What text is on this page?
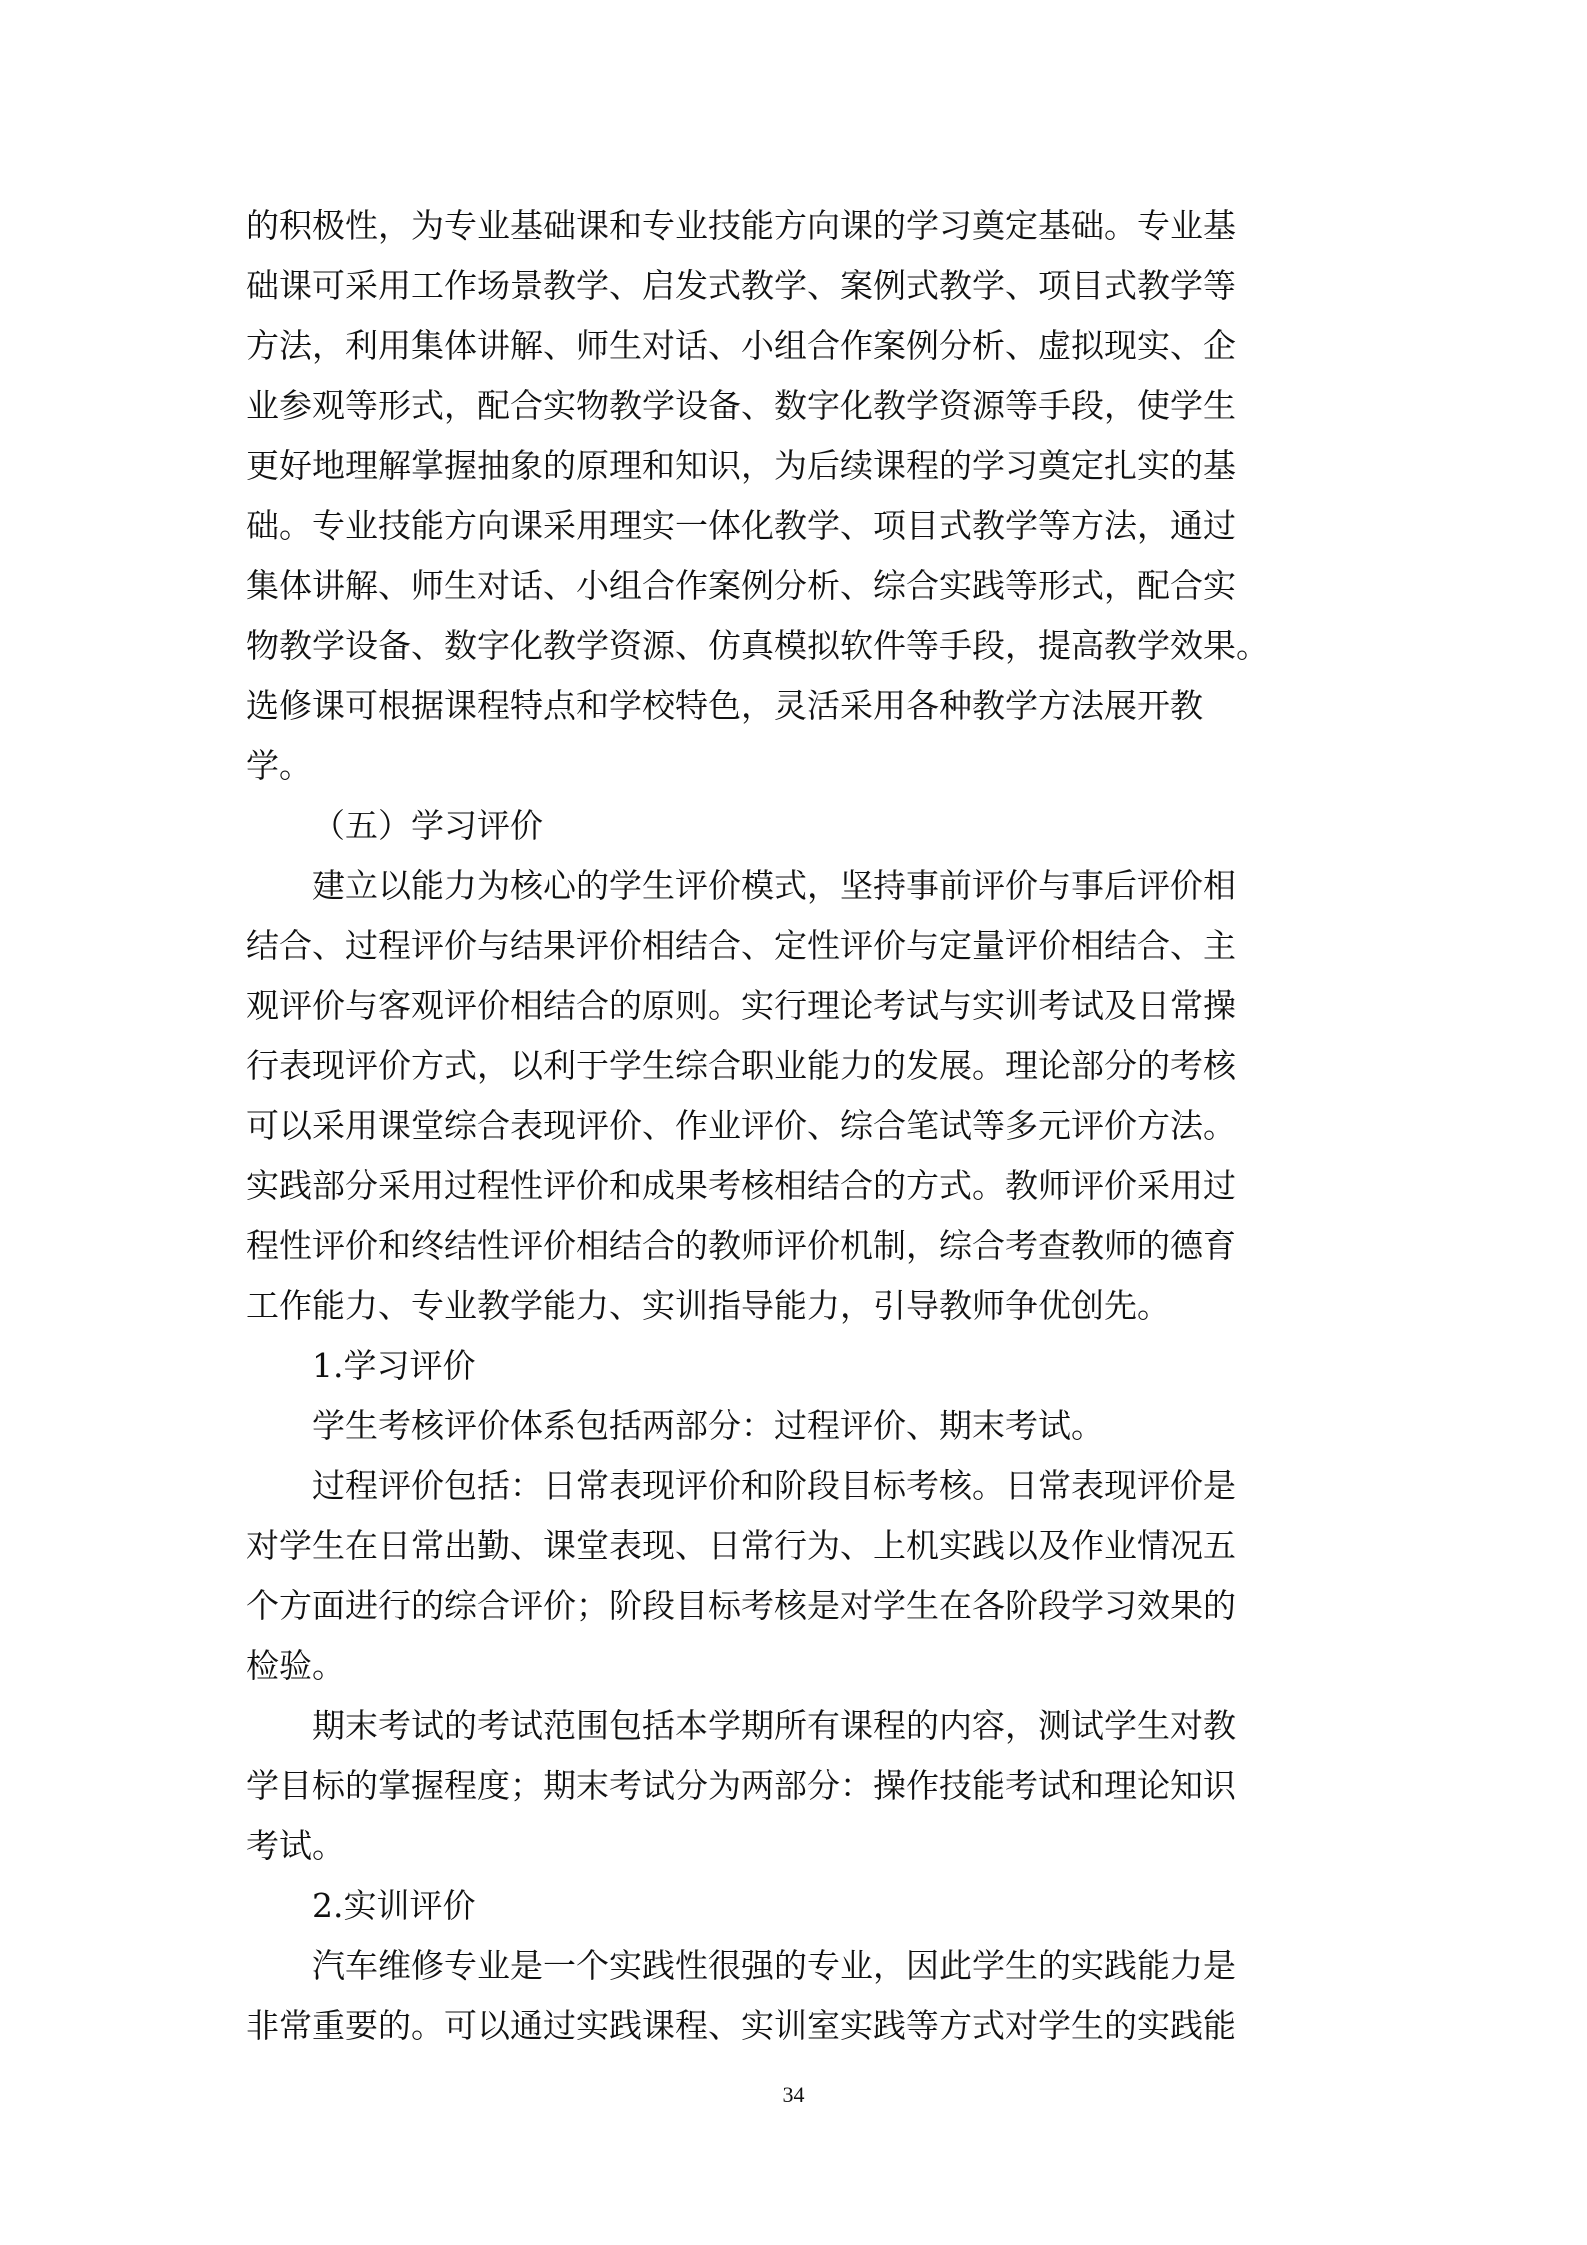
的积极性，为专业基础课和专业技能方向课的学习奠定基础。专业基
础课可采用工作场景教学、启发式教学、案例式教学、项目式教学等
方法，利用集体讲解、师生对话、小组合作案例分析、虚拟现实、企
业参观等形式，配合实物教学设备、数字化教学资源等手段，使学生
更好地理解掌握抽象的原理和知识，为后续课程的学习奠定扎实的基
础。专业技能方向课采用理实一体化教学、项目式教学等方法，通过
集体讲解、师生对话、小组合作案例分析、综合实践等形式，配合实
物教学设备、数字化教学资源、仿真模拟软件等手段，提高教学效果。
选修课可根据课程特点和学校特色，灵活采用各种教学方法展开教
学。
（五）学习评价
建立以能力为核心的学生评价模式，坚持事前评价与事后评价相
结合、过程评价与结果评价相结合、定性评价与定量评价相结合、主
观评价与客观评价相结合的原则。实行理论考试与实训考试及日常操
行表现评价方式，以利于学生综合职业能力的发展。理论部分的考核
可以采用课堂综合表现评价、作业评价、综合笔试等多元评价方法。
实践部分采用过程性评价和成果考核相结合的方式。教师评价采用过
程性评价和终结性评价相结合的教师评价机制，综合考查教师的德育
工作能力、专业教学能力、实训指导能力，引导教师争优创先。
1.学习评价
学生考核评价体系包括两部分：过程评价、期末考试。
过程评价包括：日常表现评价和阶段目标考核。日常表现评价是
对学生在日常出勤、课堂表现、日常行为、上机实践以及作业情况五
个方面进行的综合评价；阶段目标考核是对学生在各阶段学习效果的
检验。
期末考试的考试范围包括本学期所有课程的内容，测试学生对教
学目标的掌握程度；期末考试分为两部分：操作技能考试和理论知识
考试。
2.实训评价
汽车维修专业是一个实践性很强的专业，因此学生的实践能力是
非常重要的。可以通过实践课程、实训室实践等方式对学生的实践能
34
